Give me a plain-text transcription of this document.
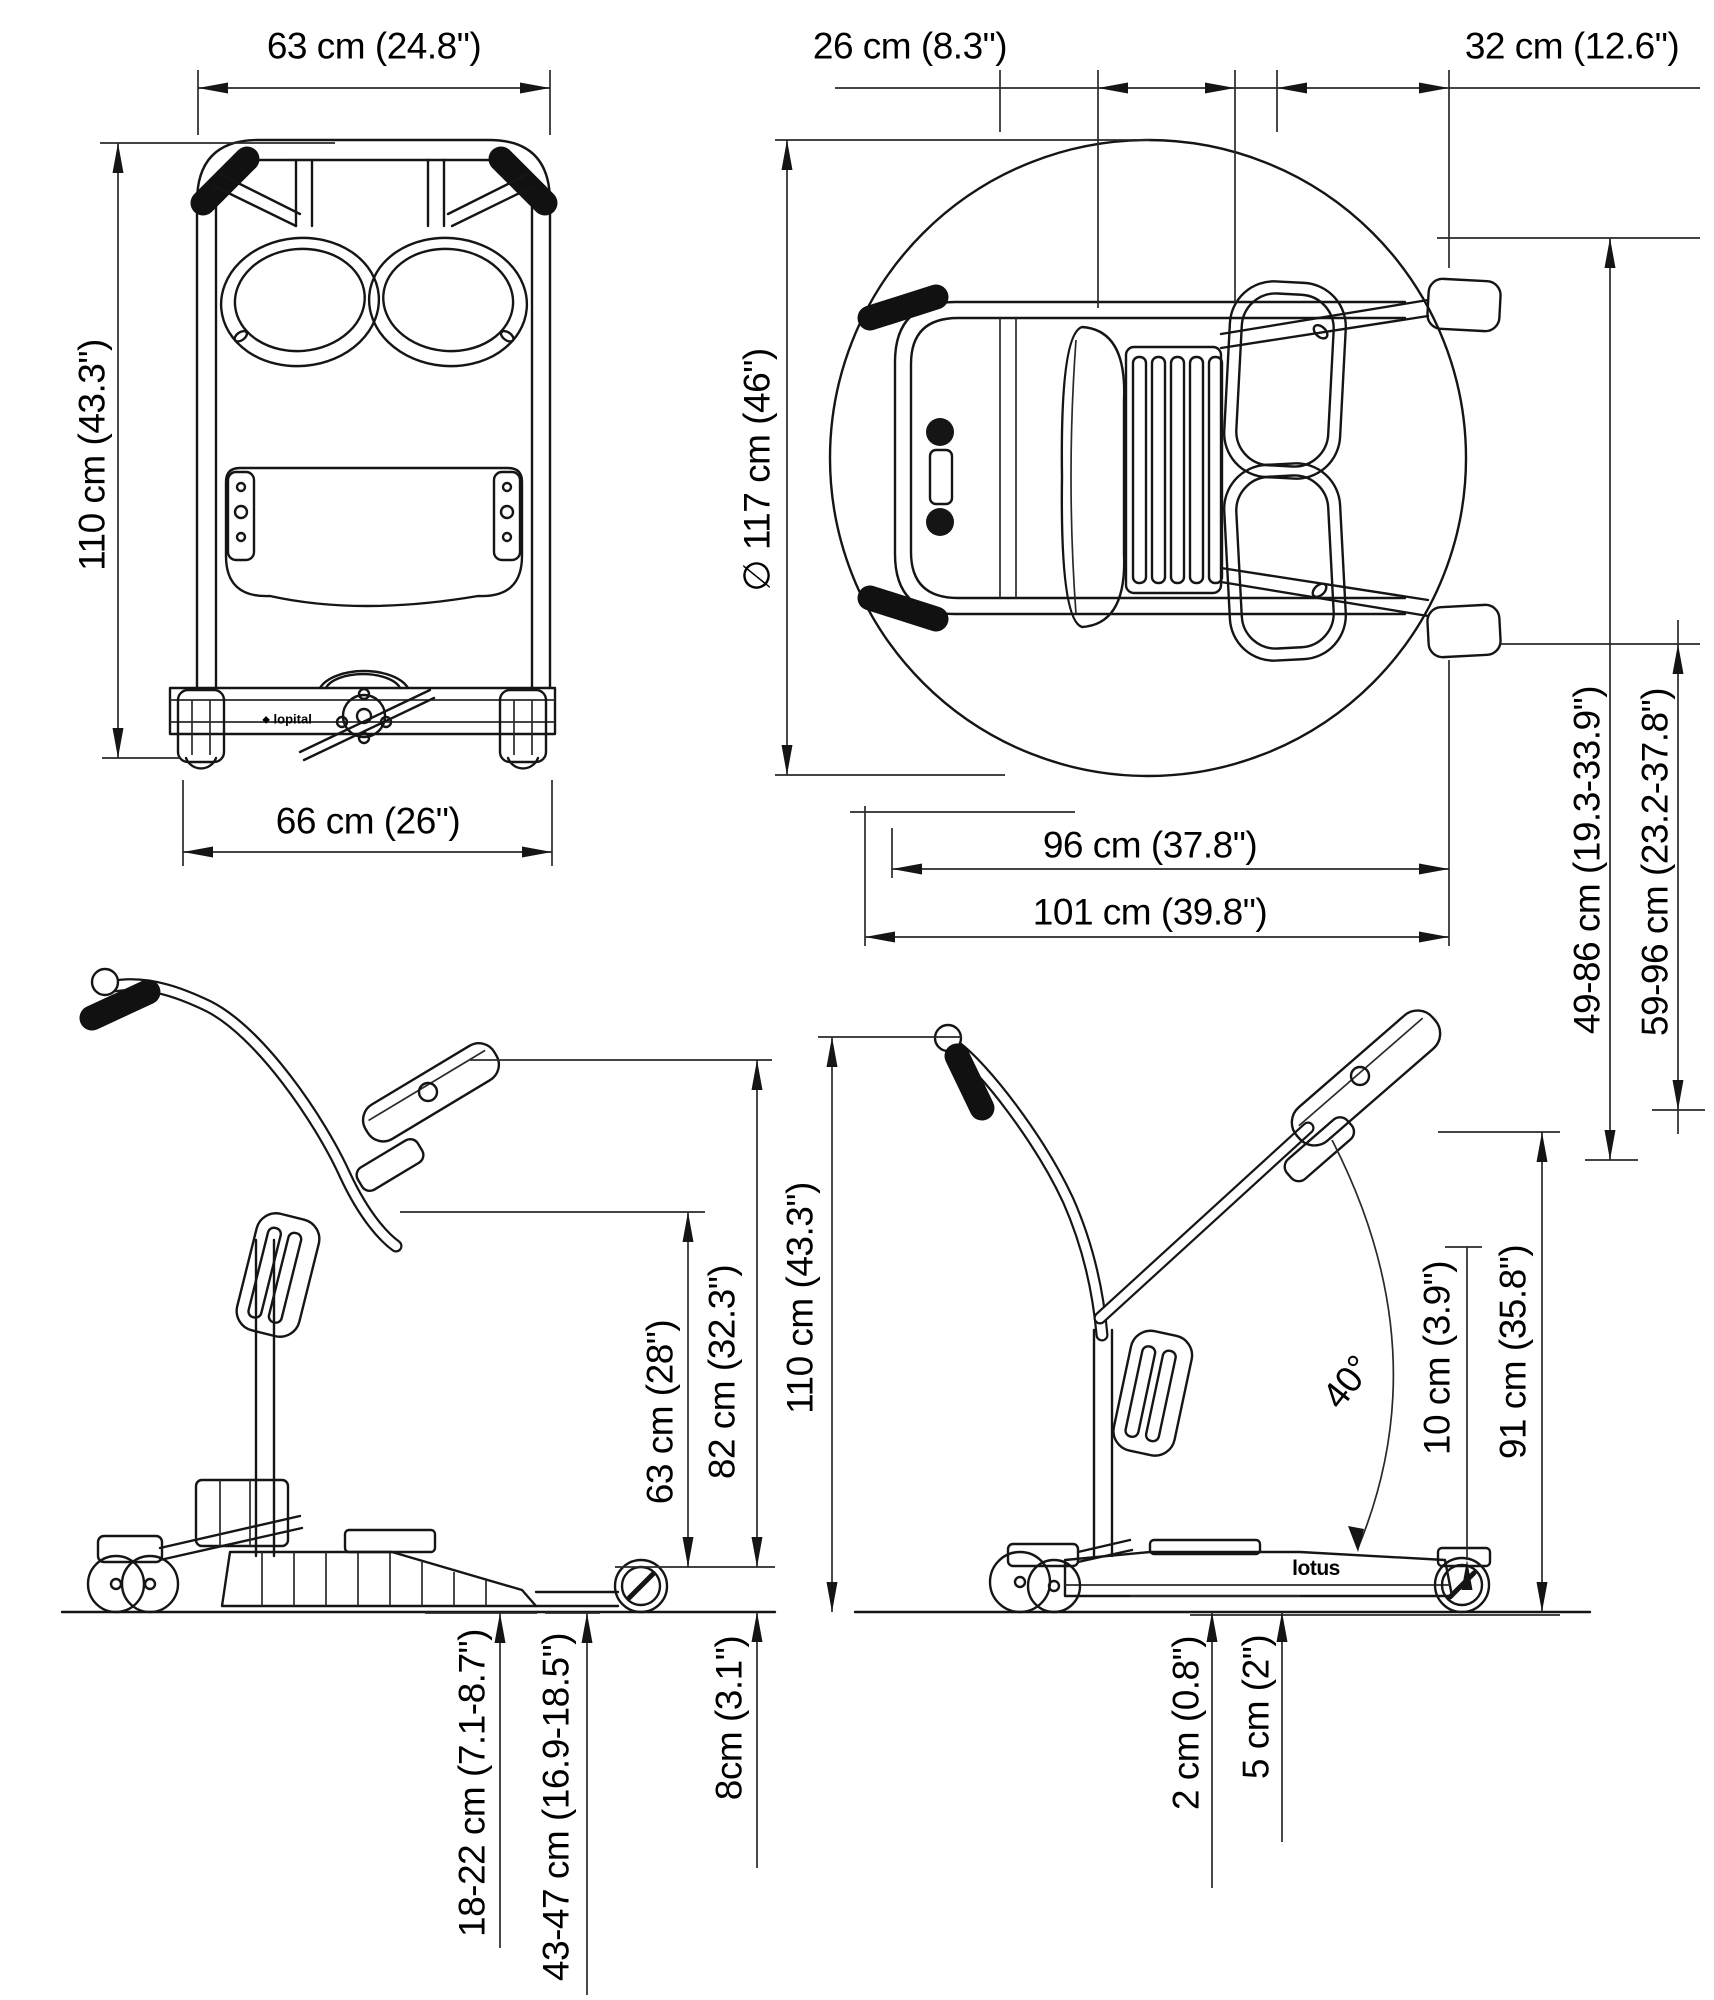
63 cm (24.8")
110 cm (43.3")
66 cm (26")
26 cm (8.3")	32 cm (12.6")
∅ 117 cm (46")
96 cm (37.8")
101 cm (39.8")	49-86 cm (19.3-33.9") 59-96 cm (23.2-37.8")
63 cm (28") 82 cm (32.3")
18-22 cm (7.1-8.7") 43-47 cm (16.9-18.5")	8cm (3.1")
110 cm (43.3")	40° 10 cm (3.9") 91 cm (35.8")
2 cm (0.8") 5 cm (2")
◆ lopital
lotus
